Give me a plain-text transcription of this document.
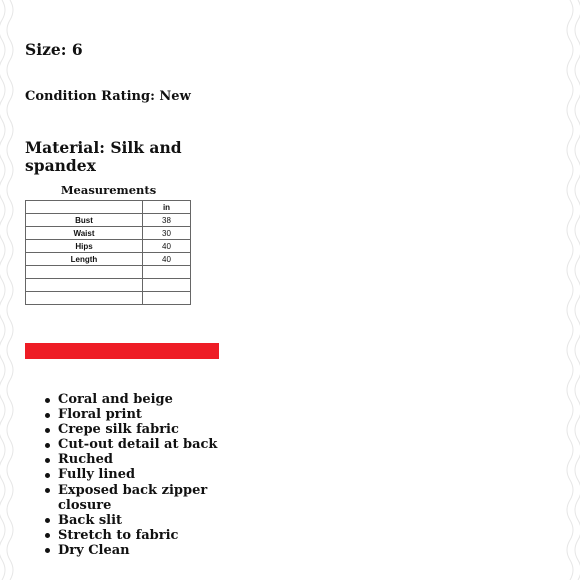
Size: 6
Condition Rating: New
Material: Silk and spandex
Measurements
	in
Bust	38
Waist	30
Hips	40
Length	40

Coral and beige
Floral print
Crepe silk fabric
Cut-out detail at back
Ruched
Fully lined
Exposed back zipper closure
Back slit
Stretch to fabric
Dry Clean
